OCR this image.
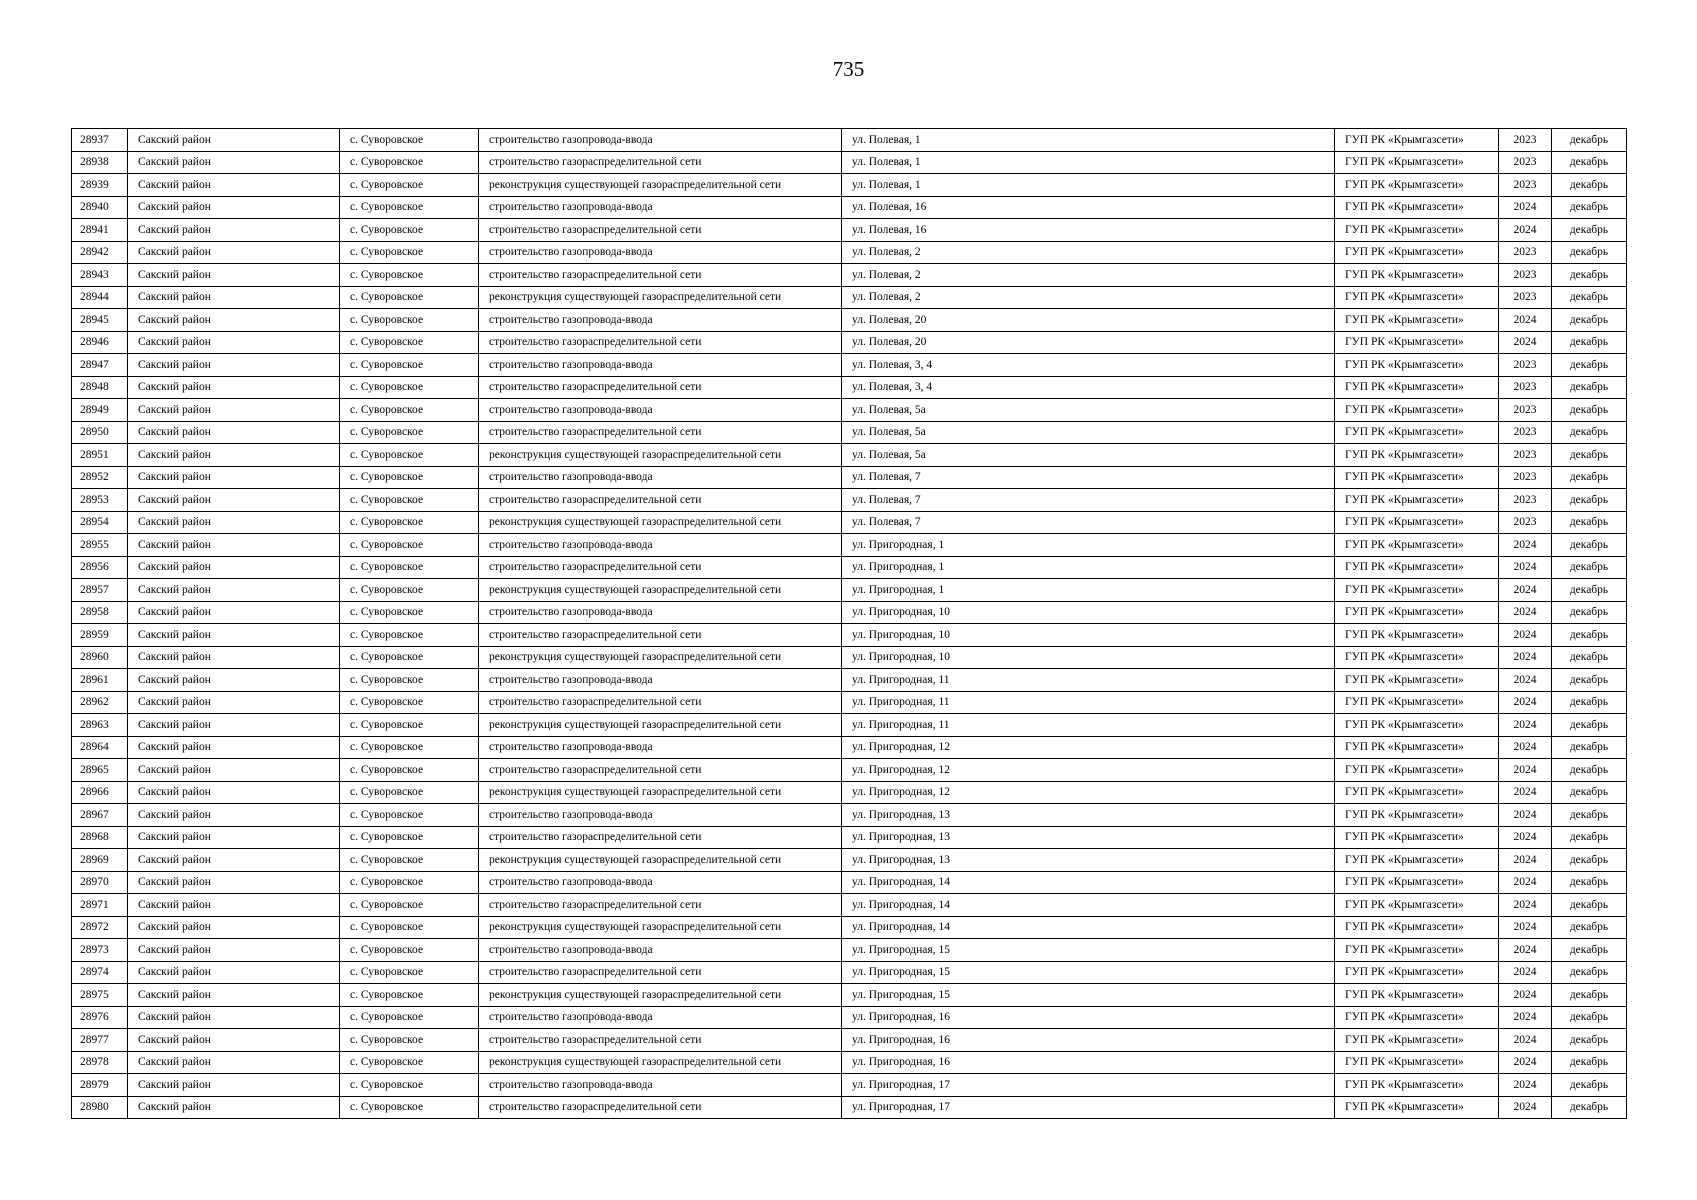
735
28937	Сакский район	с. Суворовское	строительство газопровода-ввода	ул. Полевая, 1	ГУП РК «Крымгазсети»	2023	декабрь
28938	Сакский район	с. Суворовское	строительство газораспределительной сети	ул. Полевая, 1	ГУП РК «Крымгазсети»	2023	декабрь
28939	Сакский район	с. Суворовское	реконструкция существующей газораспределительной сети	ул. Полевая, 1	ГУП РК «Крымгазсети»	2023	декабрь
28940	Сакский район	с. Суворовское	строительство газопровода-ввода	ул. Полевая, 16	ГУП РК «Крымгазсети»	2024	декабрь
28941	Сакский район	с. Суворовское	строительство газораспределительной сети	ул. Полевая, 16	ГУП РК «Крымгазсети»	2024	декабрь
28942	Сакский район	с. Суворовское	строительство газопровода-ввода	ул. Полевая, 2	ГУП РК «Крымгазсети»	2023	декабрь
28943	Сакский район	с. Суворовское	строительство газораспределительной сети	ул. Полевая, 2	ГУП РК «Крымгазсети»	2023	декабрь
28944	Сакский район	с. Суворовское	реконструкция существующей газораспределительной сети	ул. Полевая, 2	ГУП РК «Крымгазсети»	2023	декабрь
28945	Сакский район	с. Суворовское	строительство газопровода-ввода	ул. Полевая, 20	ГУП РК «Крымгазсети»	2024	декабрь
28946	Сакский район	с. Суворовское	строительство газораспределительной сети	ул. Полевая, 20	ГУП РК «Крымгазсети»	2024	декабрь
28947	Сакский район	с. Суворовское	строительство газопровода-ввода	ул. Полевая, 3, 4	ГУП РК «Крымгазсети»	2023	декабрь
28948	Сакский район	с. Суворовское	строительство газораспределительной сети	ул. Полевая, 3, 4	ГУП РК «Крымгазсети»	2023	декабрь
28949	Сакский район	с. Суворовское	строительство газопровода-ввода	ул. Полевая, 5а	ГУП РК «Крымгазсети»	2023	декабрь
28950	Сакский район	с. Суворовское	строительство газораспределительной сети	ул. Полевая, 5а	ГУП РК «Крымгазсети»	2023	декабрь
28951	Сакский район	с. Суворовское	реконструкция существующей газораспределительной сети	ул. Полевая, 5а	ГУП РК «Крымгазсети»	2023	декабрь
28952	Сакский район	с. Суворовское	строительство газопровода-ввода	ул. Полевая, 7	ГУП РК «Крымгазсети»	2023	декабрь
28953	Сакский район	с. Суворовское	строительство газораспределительной сети	ул. Полевая, 7	ГУП РК «Крымгазсети»	2023	декабрь
28954	Сакский район	с. Суворовское	реконструкция существующей газораспределительной сети	ул. Полевая, 7	ГУП РК «Крымгазсети»	2023	декабрь
28955	Сакский район	с. Суворовское	строительство газопровода-ввода	ул. Пригородная, 1	ГУП РК «Крымгазсети»	2024	декабрь
28956	Сакский район	с. Суворовское	строительство газораспределительной сети	ул. Пригородная, 1	ГУП РК «Крымгазсети»	2024	декабрь
28957	Сакский район	с. Суворовское	реконструкция существующей газораспределительной сети	ул. Пригородная, 1	ГУП РК «Крымгазсети»	2024	декабрь
28958	Сакский район	с. Суворовское	строительство газопровода-ввода	ул. Пригородная, 10	ГУП РК «Крымгазсети»	2024	декабрь
28959	Сакский район	с. Суворовское	строительство газораспределительной сети	ул. Пригородная, 10	ГУП РК «Крымгазсети»	2024	декабрь
28960	Сакский район	с. Суворовское	реконструкция существующей газораспределительной сети	ул. Пригородная, 10	ГУП РК «Крымгазсети»	2024	декабрь
28961	Сакский район	с. Суворовское	строительство газопровода-ввода	ул. Пригородная, 11	ГУП РК «Крымгазсети»	2024	декабрь
28962	Сакский район	с. Суворовское	строительство газораспределительной сети	ул. Пригородная, 11	ГУП РК «Крымгазсети»	2024	декабрь
28963	Сакский район	с. Суворовское	реконструкция существующей газораспределительной сети	ул. Пригородная, 11	ГУП РК «Крымгазсети»	2024	декабрь
28964	Сакский район	с. Суворовское	строительство газопровода-ввода	ул. Пригородная, 12	ГУП РК «Крымгазсети»	2024	декабрь
28965	Сакский район	с. Суворовское	строительство газораспределительной сети	ул. Пригородная, 12	ГУП РК «Крымгазсети»	2024	декабрь
28966	Сакский район	с. Суворовское	реконструкция существующей газораспределительной сети	ул. Пригородная, 12	ГУП РК «Крымгазсети»	2024	декабрь
28967	Сакский район	с. Суворовское	строительство газопровода-ввода	ул. Пригородная, 13	ГУП РК «Крымгазсети»	2024	декабрь
28968	Сакский район	с. Суворовское	строительство газораспределительной сети	ул. Пригородная, 13	ГУП РК «Крымгазсети»	2024	декабрь
28969	Сакский район	с. Суворовское	реконструкция существующей газораспределительной сети	ул. Пригородная, 13	ГУП РК «Крымгазсети»	2024	декабрь
28970	Сакский район	с. Суворовское	строительство газопровода-ввода	ул. Пригородная, 14	ГУП РК «Крымгазсети»	2024	декабрь
28971	Сакский район	с. Суворовское	строительство газораспределительной сети	ул. Пригородная, 14	ГУП РК «Крымгазсети»	2024	декабрь
28972	Сакский район	с. Суворовское	реконструкция существующей газораспределительной сети	ул. Пригородная, 14	ГУП РК «Крымгазсети»	2024	декабрь
28973	Сакский район	с. Суворовское	строительство газопровода-ввода	ул. Пригородная, 15	ГУП РК «Крымгазсети»	2024	декабрь
28974	Сакский район	с. Суворовское	строительство газораспределительной сети	ул. Пригородная, 15	ГУП РК «Крымгазсети»	2024	декабрь
28975	Сакский район	с. Суворовское	реконструкция существующей газораспределительной сети	ул. Пригородная, 15	ГУП РК «Крымгазсети»	2024	декабрь
28976	Сакский район	с. Суворовское	строительство газопровода-ввода	ул. Пригородная, 16	ГУП РК «Крымгазсети»	2024	декабрь
28977	Сакский район	с. Суворовское	строительство газораспределительной сети	ул. Пригородная, 16	ГУП РК «Крымгазсети»	2024	декабрь
28978	Сакский район	с. Суворовское	реконструкция существующей газораспределительной сети	ул. Пригородная, 16	ГУП РК «Крымгазсети»	2024	декабрь
28979	Сакский район	с. Суворовское	строительство газопровода-ввода	ул. Пригородная, 17	ГУП РК «Крымгазсети»	2024	декабрь
28980	Сакский район	с. Суворовское	строительство газораспределительной сети	ул. Пригородная, 17	ГУП РК «Крымгазсети»	2024	декабрь
